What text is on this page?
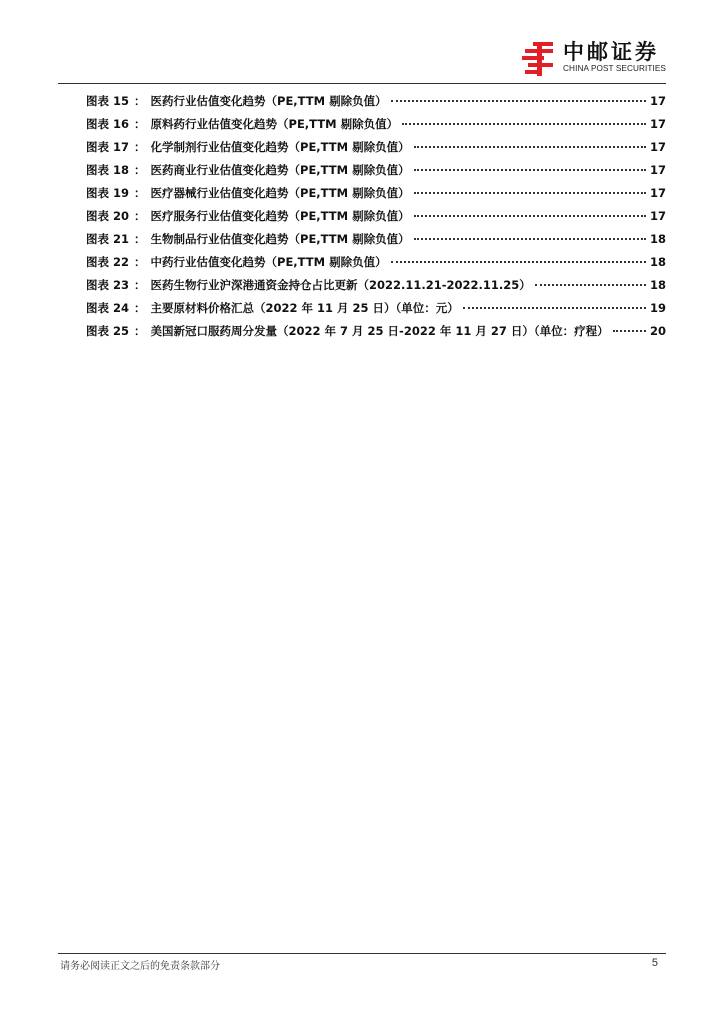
中邮证券
CHINA POST SECURITIES
图表 15 ： 医药行业估值变化趋势（PE,TTM 剔除负值）	17
图表 16 ： 原料药行业估值变化趋势（PE,TTM 剔除负值）	17
图表 17 ： 化学制剂行业估值变化趋势（PE,TTM 剔除负值）	17
图表 18 ： 医药商业行业估值变化趋势（PE,TTM 剔除负值）	17
图表 19 ： 医疗器械行业估值变化趋势（PE,TTM 剔除负值）	17
图表 20 ： 医疗服务行业估值变化趋势（PE,TTM 剔除负值）	17
图表 21 ： 生物制品行业估值变化趋势（PE,TTM 剔除负值）	18
图表 22 ： 中药行业估值变化趋势（PE,TTM 剔除负值）	18
图表 23 ： 医药生物行业沪深港通资金持仓占比更新（2022.11.21-2022.11.25）	18
图表 24 ： 主要原材料价格汇总（2022 年 11 月 25 日）（单位：元）	19
图表 25 ： 美国新冠口服药周分发量（2022 年 7 月 25 日-2022 年 11 月 27 日）（单位：疗程）	20
请务必阅读正文之后的免责条款部分	5
